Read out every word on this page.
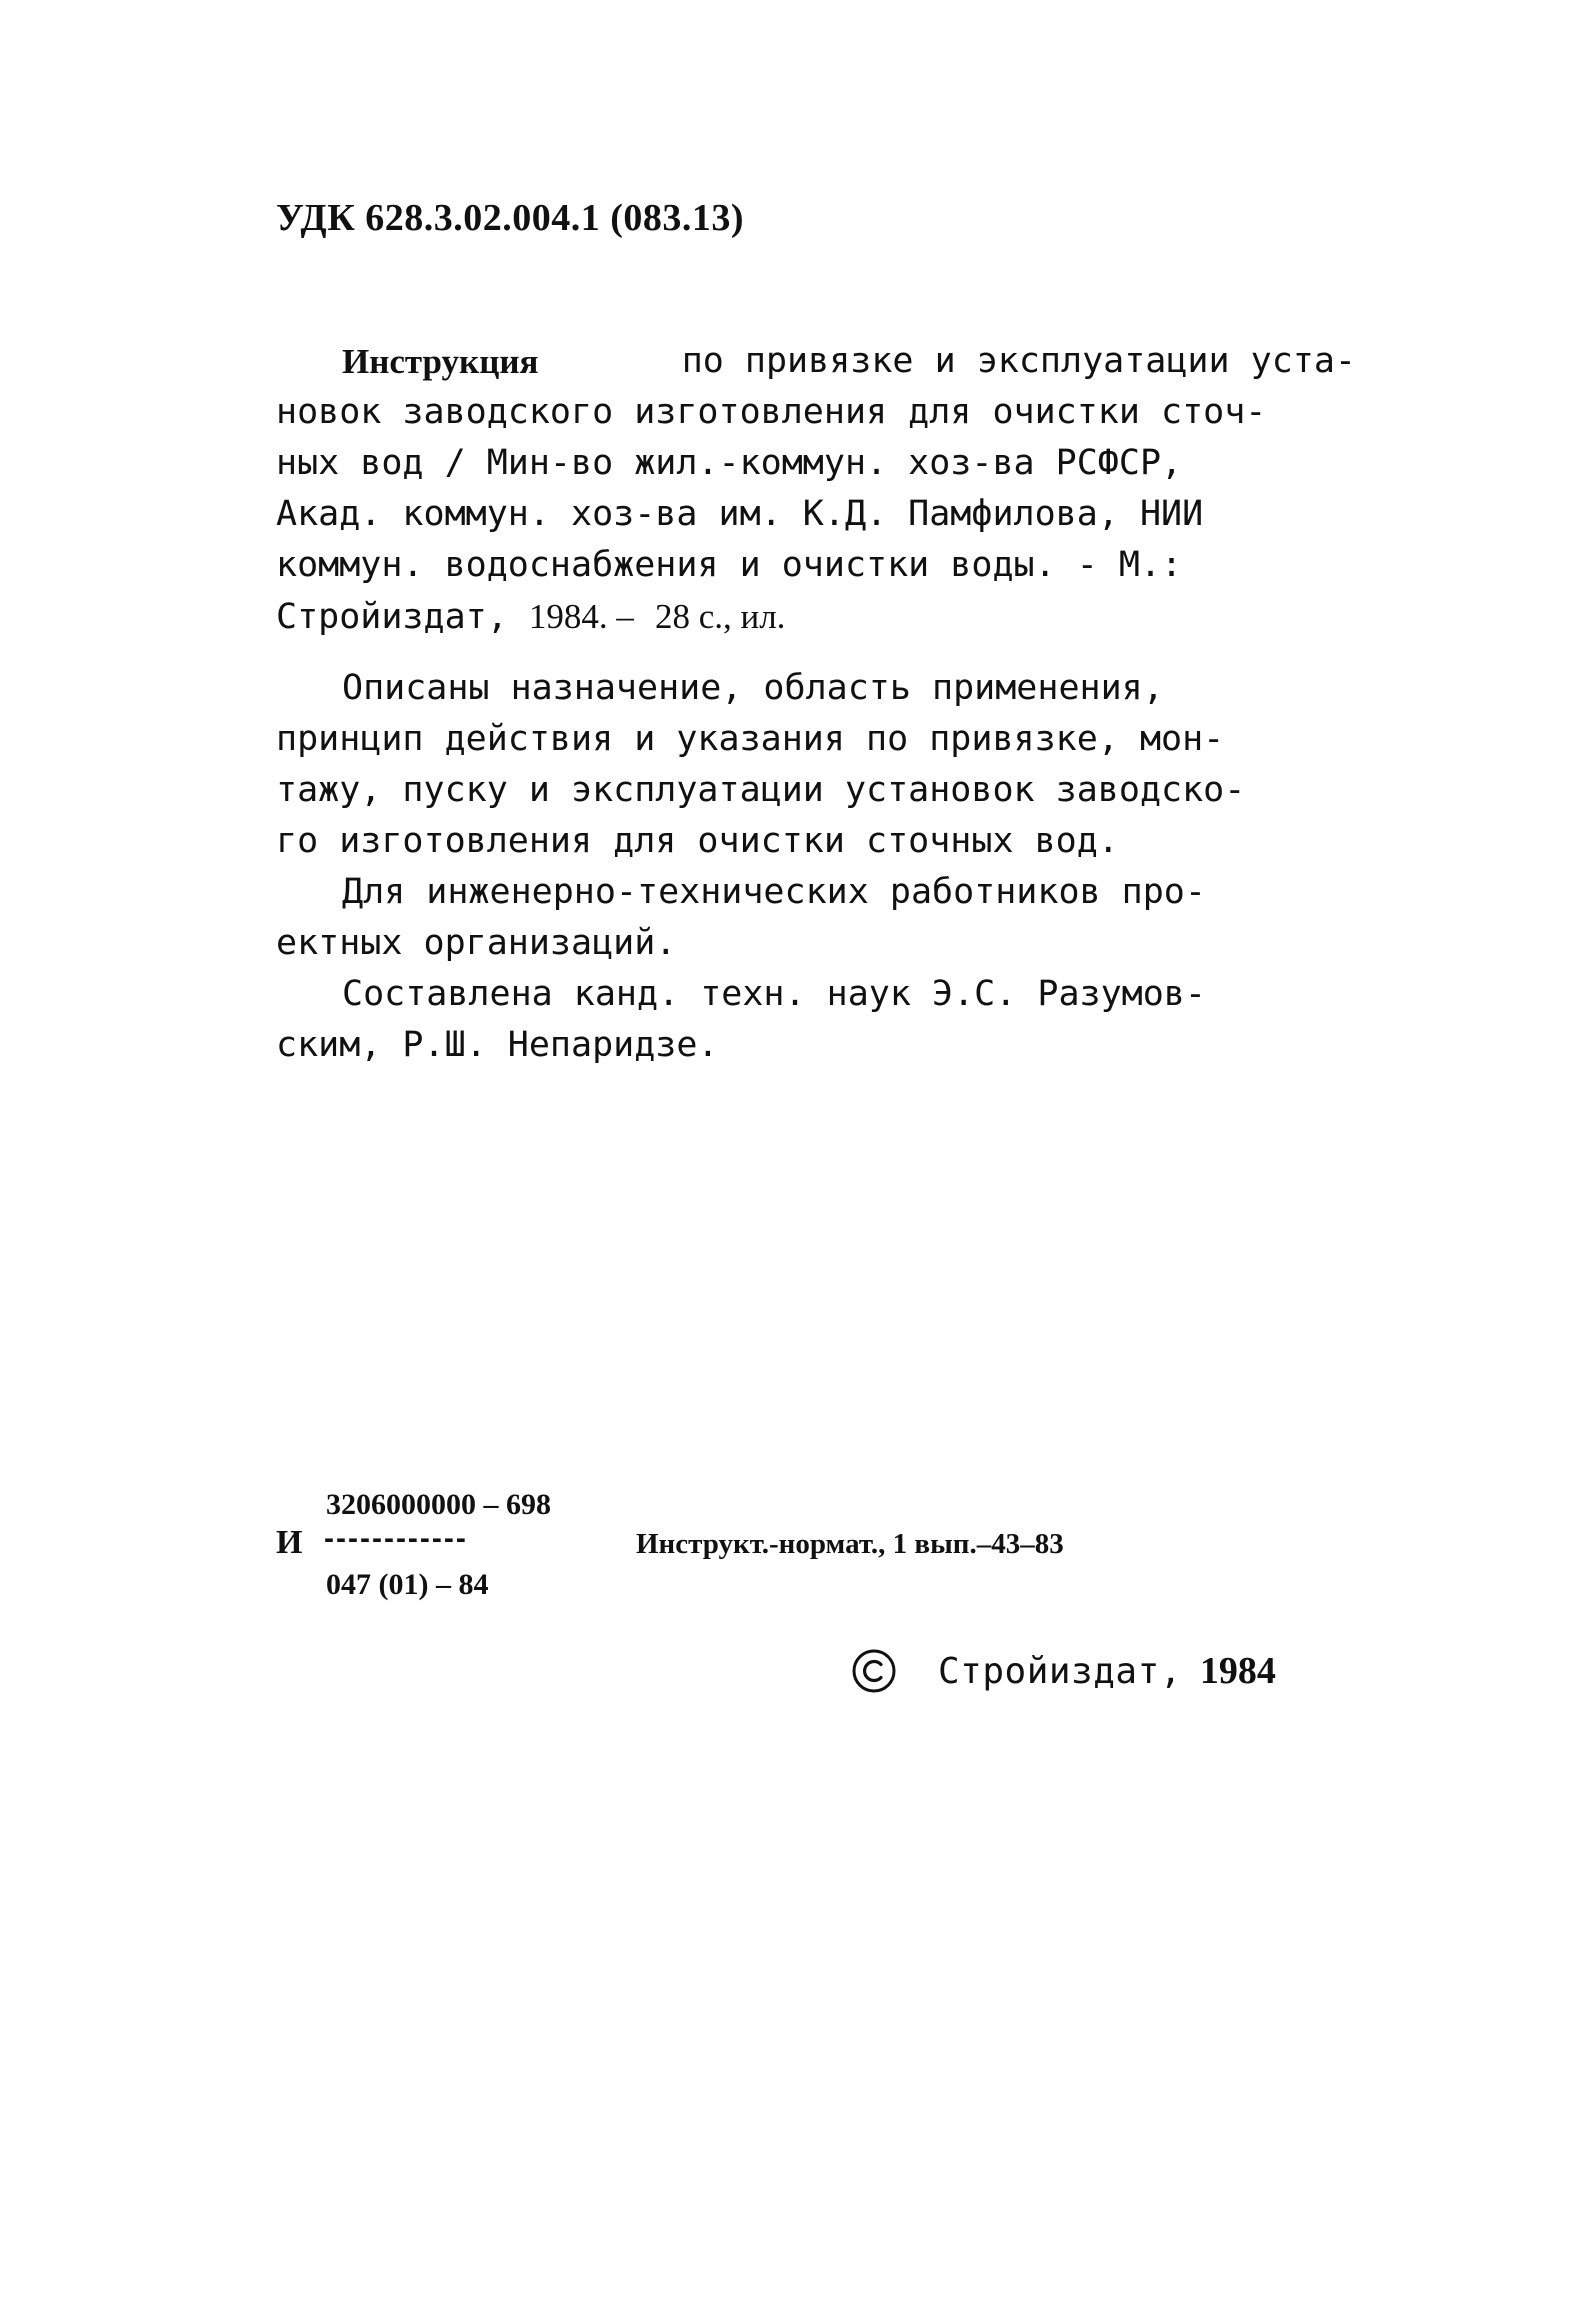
УДК 628.3.02.004.1 (083.13)
Инструкция	по привязке и эксплуатации уста-
новок заводского изготовления для очистки сточ-
ных вод / Мин-во жил.-коммун. хоз-ва РСФСР,
Акад. коммун. хоз-ва им. К.Д. Памфилова, НИИ
коммун. водоснабжения и очистки воды. - М.:
Стройиздат, 1984. – 28 с., ил.
Описаны назначение, область применения,
принцип действия и указания по привязке, мон-
тажу, пуску и эксплуатации установок заводско-
го изготовления для очистки сточных вод.
Для инженерно-технических работников про-
ектных организаций.
Составлена канд. техн. наук Э.С. Разумов-
ским, Р.Ш. Непаридзе.
3206000000 – 698
И ------------
047 (01) – 84
Инструкт.-нормат., 1 вып.–43–83
Стройиздат, 1984
